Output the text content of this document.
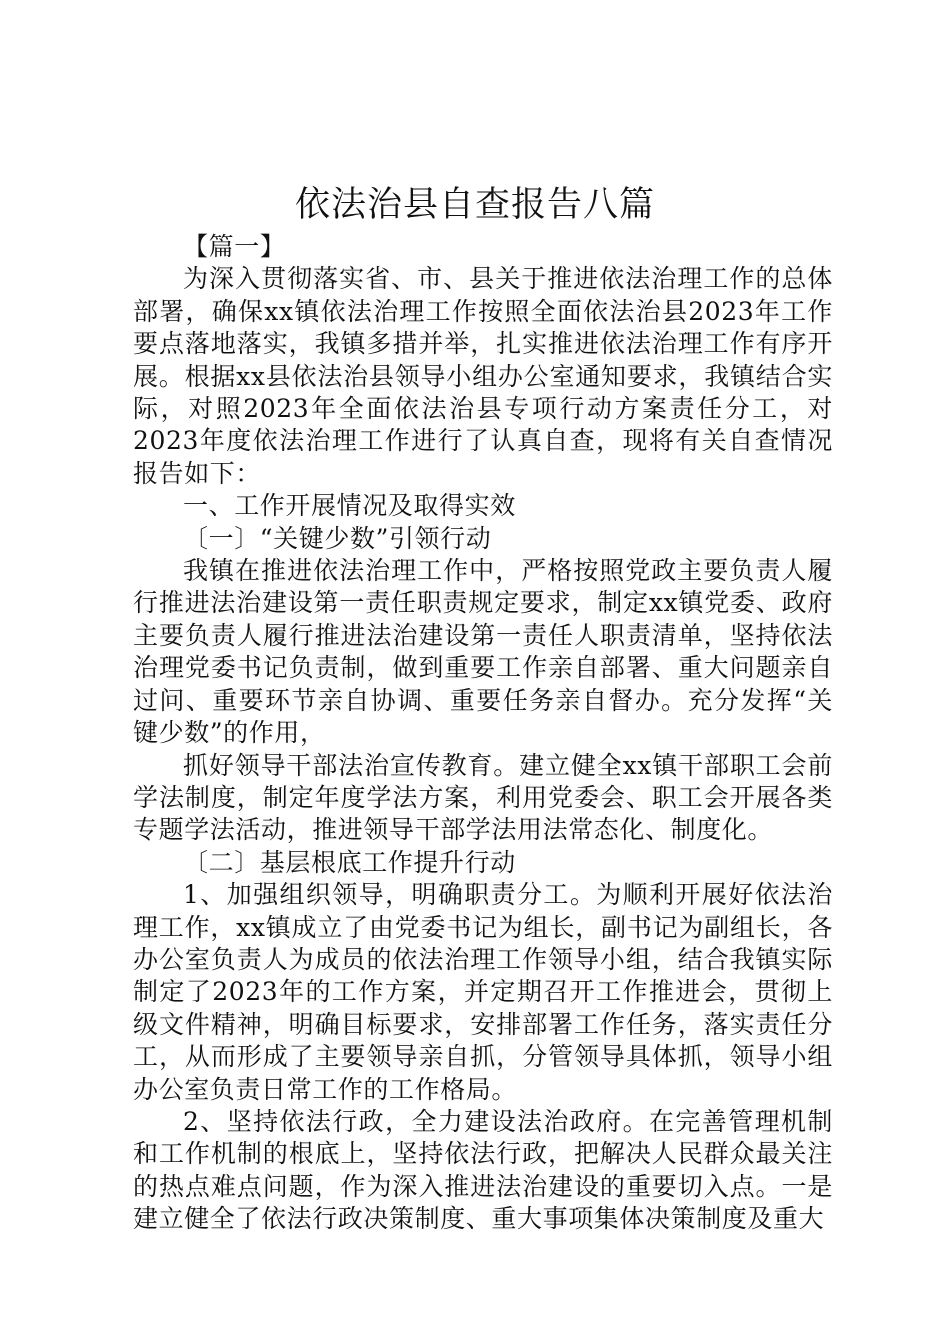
依法治县自查报告八篇

【篇一】

为深入贯彻落实省、市、县关于推进依法治理工作的总体部署，确保xx镇依法治理工作按照全面依法治县2023年工作要点落地落实，我镇多措并举，扎实推进依法治理工作有序开展。根据xx县依法治县领导小组办公室通知要求，我镇结合实际，对照2023年全面依法治县专项行动方案责任分工，对2023年度依法治理工作进行了认真自查，现将有关自查情况报告如下：

一、工作开展情况及取得实效

〔一〕“关键少数”引领行动

我镇在推进依法治理工作中，严格按照党政主要负责人履行推进法治建设第一责任职责规定要求，制定xx镇党委、政府主要负责人履行推进法治建设第一责任人职责清单，坚持依法治理党委书记负责制，做到重要工作亲自部署、重大问题亲自过问、重要环节亲自协调、重要任务亲自督办。充分发挥“关键少数”的作用，

抓好领导干部法治宣传教育。建立健全xx镇干部职工会前学法制度，制定年度学法方案，利用党委会、职工会开展各类专题学法活动，推进领导干部学法用法常态化、制度化。

〔二〕基层根底工作提升行动

1、加强组织领导，明确职责分工。为顺利开展好依法治理工作，xx镇成立了由党委书记为组长，副书记为副组长，各办公室负责人为成员的依法治理工作领导小组，结合我镇实际制定了2023年的工作方案，并定期召开工作推进会，贯彻上级文件精神，明确目标要求，安排部署工作任务，落实责任分工，从而形成了主要领导亲自抓，分管领导具体抓，领导小组办公室负责日常工作的工作格局。

2、坚持依法行政，全力建设法治政府。在完善管理机制和工作机制的根底上，坚持依法行政，把解决人民群众最关注的热点难点问题，作为深入推进法治建设的重要切入点。一是建立健全了依法行政决策制度、重大事项集体决策制度及重大
